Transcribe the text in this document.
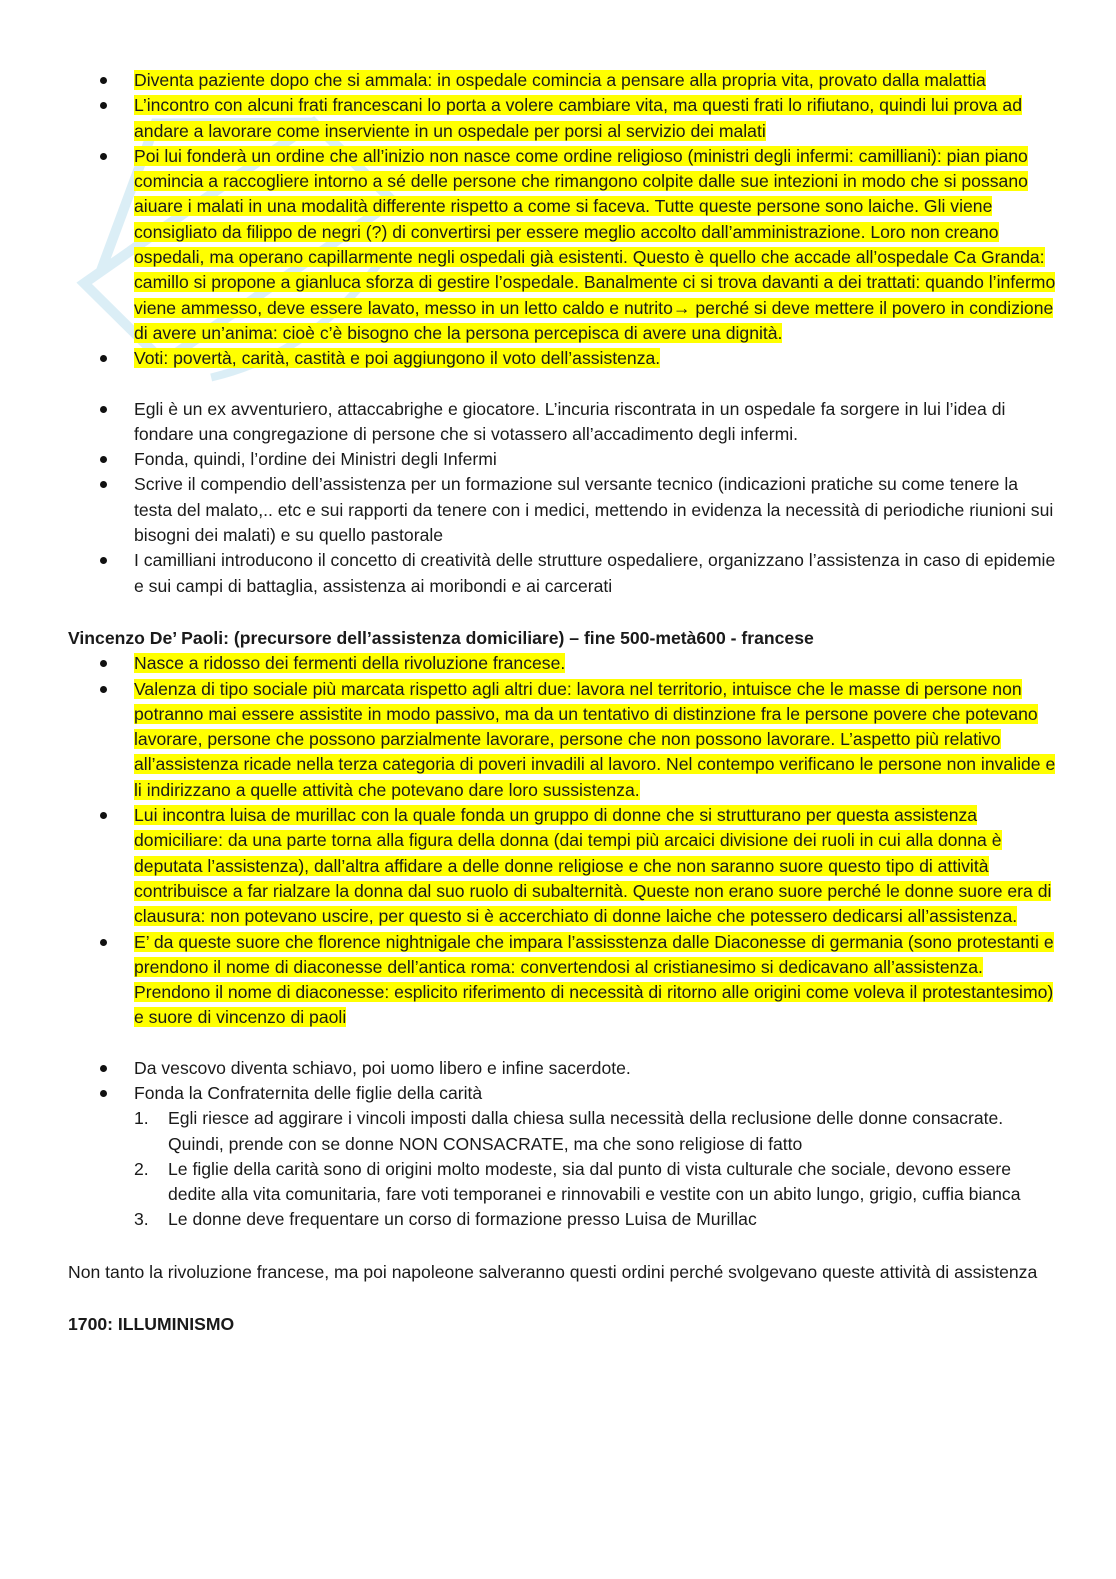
Diventa paziente dopo che si ammala: in ospedale comincia a pensare alla propria vita, provato dalla malattia
L’incontro con alcuni frati francescani lo porta a volere cambiare vita, ma questi frati lo rifiutano, quindi lui prova ad andare a lavorare come inserviente in un ospedale per porsi al servizio dei malati
Poi lui fonderà un ordine che all’inizio non nasce come ordine religioso (ministri degli infermi: camilliani): pian piano comincia a raccogliere intorno a sé delle persone che rimangono colpite dalle sue intezioni in modo che si possano aiuare i malati in una modalità differente rispetto a come si faceva. Tutte queste persone sono laiche. Gli viene consigliato da filippo de negri (?) di convertirsi per essere meglio accolto dall’amministrazione. Loro non creano ospedali, ma operano capillarmente negli ospedali già esistenti. Questo è quello che accade all’ospedale Ca Granda: camillo si propone a gianluca sforza di gestire l’ospedale. Banalmente ci si trova davanti a dei trattati: quando l’infermo viene ammesso, deve essere lavato, messo in un letto caldo e nutrito→ perché si deve mettere il povero in condizione di avere un’anima: cioè c’è bisogno che la persona percepisca di avere una dignità.
Voti: povertà, carità, castità e poi aggiungono il voto dell’assistenza.
Egli è un ex avventuriero, attaccabrighe e giocatore. L’incuria riscontrata in un ospedale fa sorgere in lui l’idea di fondare una congregazione di persone che si votassero all’accadimento degli infermi.
Fonda, quindi, l’ordine dei Ministri degli Infermi
Scrive il compendio dell’assistenza per un formazione sul versante tecnico (indicazioni pratiche su come tenere la testa del malato,.. etc e sui rapporti da tenere con i medici, mettendo in evidenza la necessità di periodiche riunioni sui bisogni dei malati) e su quello pastorale
I camilliani introducono il concetto di creatività delle strutture ospedaliere, organizzano l’assistenza in caso di epidemie e sui campi di battaglia, assistenza ai moribondi e ai carcerati
Vincenzo De’ Paoli: (precursore dell’assistenza domiciliare) – fine 500-metà600 - francese
Nasce a ridosso dei fermenti della rivoluzione francese.
Valenza di tipo sociale più marcata rispetto agli altri due: lavora nel territorio, intuisce che le masse di persone non potranno mai essere assistite in modo passivo, ma da un tentativo di distinzione fra le persone povere che potevano lavorare, persone che possono parzialmente lavorare, persone che non possono lavorare. L’aspetto più relativo all’assistenza ricade nella terza categoria di poveri invadili al lavoro. Nel contempo verificano le persone non invalide e li indirizzano a quelle attività che potevano dare loro sussistenza.
Lui incontra luisa de murillac con la quale fonda un gruppo di donne che si strutturano per questa assistenza domiciliare: da una parte torna alla figura della donna (dai tempi più arcaici divisione dei ruoli in cui alla donna è deputata l’assistenza), dall’altra affidare a delle donne religiose e che non saranno suore questo tipo di attività contribuisce a far rialzare la donna dal suo ruolo di subalternità. Queste non erano suore perché le donne suore era di clausura: non potevano uscire, per questo si è accerchiato di donne laiche che potessero dedicarsi all’assistenza.
E’ da queste suore che florence nightnigale che impara l’assisstenza dalle Diaconesse di germania (sono protestanti e prendono il nome di diaconesse dell’antica roma: convertendosi al cristianesimo si dedicavano all’assistenza. Prendono il nome di diaconesse: esplicito riferimento di necessità di ritorno alle origini come voleva il protestantesimo) e suore di vincenzo di paoli
Da vescovo diventa schiavo, poi uomo libero e infine sacerdote.
Fonda la Confraternita delle figlie della carità
1. Egli riesce ad aggirare i vincoli imposti dalla chiesa sulla necessità della reclusione delle donne consacrate. Quindi, prende con se donne NON CONSACRATE, ma che sono religiose di fatto
2. Le figlie della carità sono di origini molto modeste, sia dal punto di vista culturale che sociale, devono essere dedite alla vita comunitaria, fare voti temporanei e rinnovabili e vestite con un abito lungo, grigio, cuffia bianca
3. Le donne deve frequentare un corso di formazione presso Luisa de Murillac

Non tanto la rivoluzione francese, ma poi napoleone salveranno questi ordini perché svolgevano queste attività di assistenza

1700: ILLUMINISMO
